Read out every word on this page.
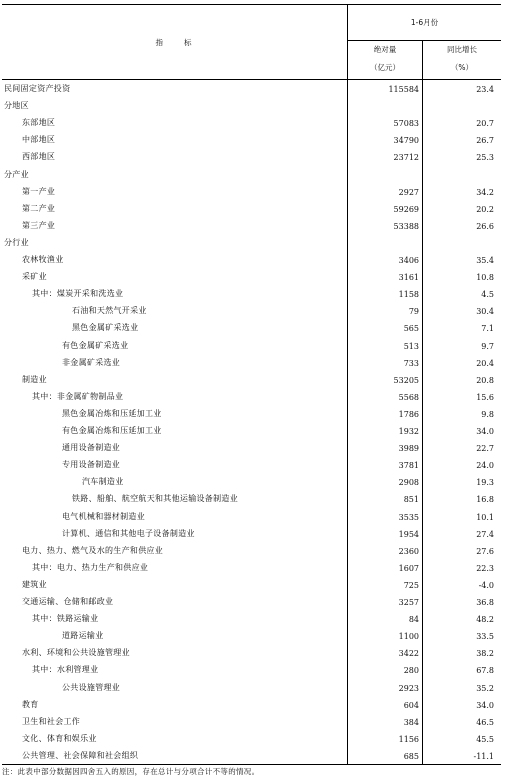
指　　标
1-6月份
绝对量
（亿元）
同比增长
（%）
民间固定资产投资	115584	23.4
分地区
东部地区	57083	20.7
中部地区	34790	26.7
西部地区	23712	25.3
分产业
第一产业	2927	34.2
第二产业	59269	20.2
第三产业	53388	26.6
分行业
农林牧渔业	3406	35.4
采矿业	3161	10.8
其中：煤炭开采和洗选业	1158	4.5
石油和天然气开采业	79	30.4
黑色金属矿采选业	565	7.1
有色金属矿采选业	513	9.7
非金属矿采选业	733	20.4
制造业	53205	20.8
其中：非金属矿物制品业	5568	15.6
黑色金属冶炼和压延加工业	1786	9.8
有色金属冶炼和压延加工业	1932	34.0
通用设备制造业	3989	22.7
专用设备制造业	3781	24.0
汽车制造业	2908	19.3
铁路、船舶、航空航天和其他运输设备制造业	851	16.8
电气机械和器材制造业	3535	10.1
计算机、通信和其他电子设备制造业	1954	27.4
电力、热力、燃气及水的生产和供应业	2360	27.6
其中：电力、热力生产和供应业	1607	22.3
建筑业	725	-4.0
交通运输、仓储和邮政业	3257	36.8
其中：铁路运输业	84	48.2
道路运输业	1100	33.5
水利、环境和公共设施管理业	3422	38.2
其中：水利管理业	280	67.8
公共设施管理业	2923	35.2
教育	604	34.0
卫生和社会工作	384	46.5
文化、体育和娱乐业	1156	45.5
公共管理、社会保障和社会组织	685	-11.1
注：此表中部分数据因四舍五入的原因，存在总计与分项合计不等的情况。
